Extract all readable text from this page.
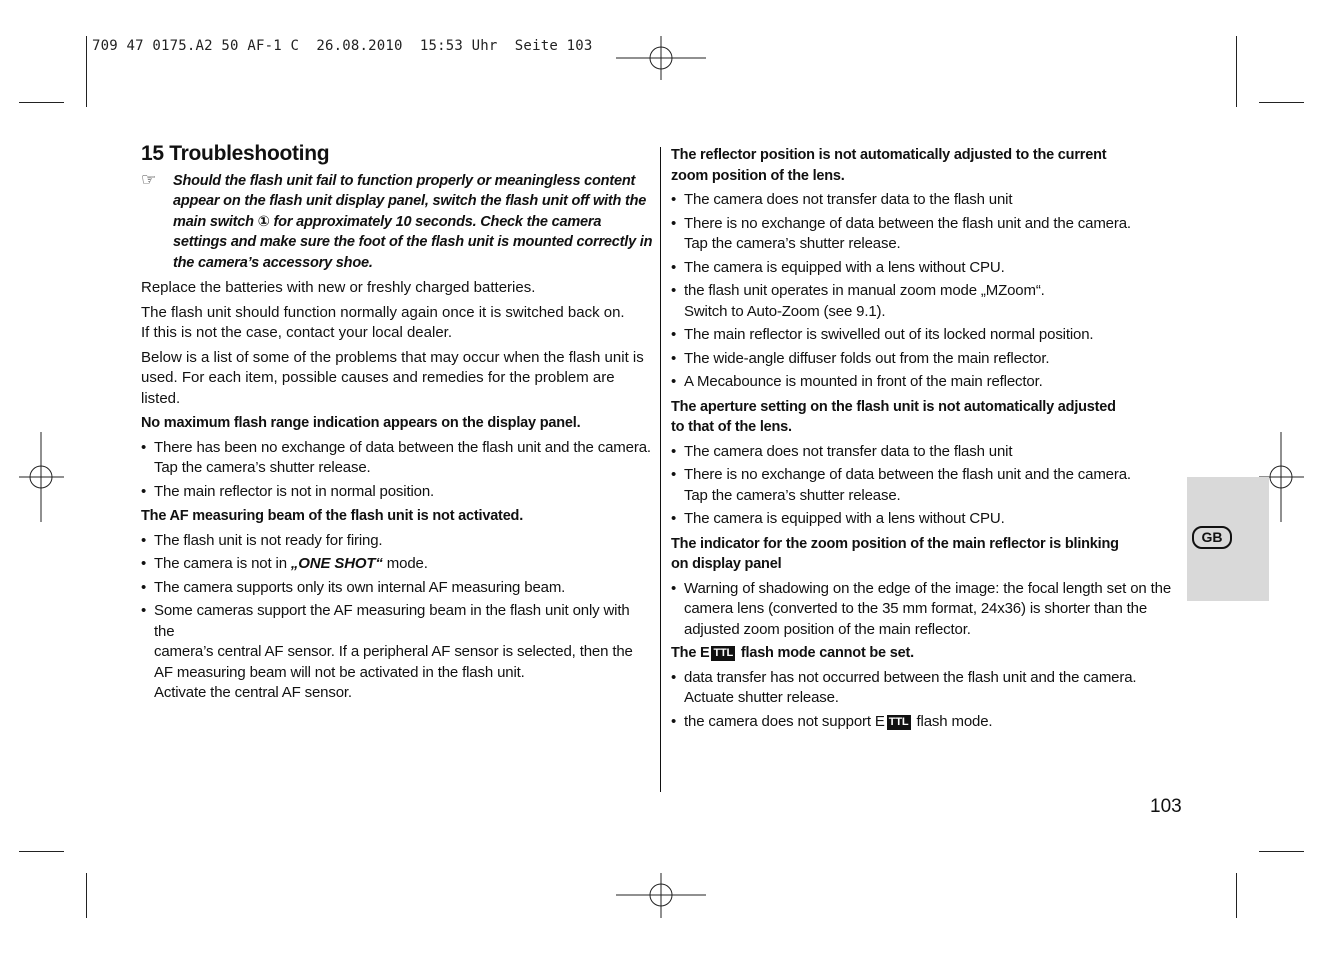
709 47 0175.A2 50 AF-1 C  26.08.2010  15:53 Uhr  Seite 103
15 Troubleshooting

☞ Should the flash unit fail to function properly or meaningless content appear on the flash unit display panel, switch the flash unit off with the main switch ① for approximately 10 seconds. Check the camera settings and make sure the foot of the flash unit is mounted correctly in the camera’s accessory shoe.

Replace the batteries with new or freshly charged batteries.

The flash unit should function normally again once it is switched back on.
If this is not the case, contact your local dealer.

Below is a list of some of the problems that may occur when the flash unit is
used. For each item, possible causes and remedies for the problem are listed.

No maximum flash range indication appears on the display panel.

• There has been no exchange of data between the flash unit and the camera.
Tap the camera’s shutter release.
• The main reflector is not in normal position.

The AF measuring beam of the flash unit is not activated.

• The flash unit is not ready for firing.
• The camera is not in „ONE SHOT“ mode.
• The camera supports only its own internal AF measuring beam.
• Some cameras support the AF measuring beam in the flash unit only with the
camera’s central AF sensor. If a peripheral AF sensor is selected, then the
AF measuring beam will not be activated in the flash unit.
Activate the central AF sensor.

The reflector position is not automatically adjusted to the current
zoom position of the lens.

• The camera does not transfer data to the flash unit
• There is no exchange of data between the flash unit and the camera.
Tap the camera’s shutter release.
• The camera is equipped with a lens without CPU.
• the flash unit operates in manual zoom mode „MZoom“.
Switch to Auto-Zoom (see 9.1).
• The main reflector is swivelled out of its locked normal position.
• The wide-angle diffuser folds out from the main reflector.
• A Mecabounce is mounted in front of the main reflector.

The aperture setting on the flash unit is not automatically adjusted
to that of the lens.

• The camera does not transfer data to the flash unit
• There is no exchange of data between the flash unit and the camera.
Tap the camera’s shutter release.
• The camera is equipped with a lens without CPU.

The indicator for the zoom position of the main reflector is blinking
on display panel

• Warning of shadowing on the edge of the image: the focal length set on the
camera lens (converted to the 35 mm format, 24x36) is shorter than the
adjusted zoom position of the main reflector.

The E TTL flash mode cannot be set.

• data transfer has not occurred between the flash unit and the camera.
Actuate shutter release.
• the camera does not support E TTL flash mode.
GB
103
